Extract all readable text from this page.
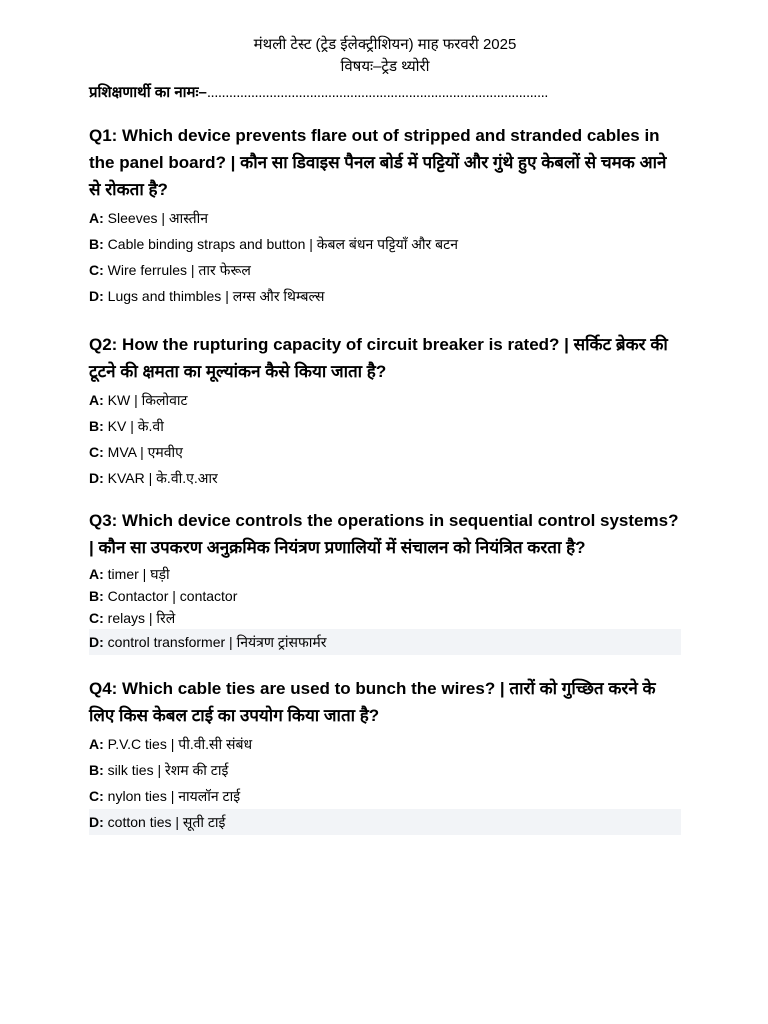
मंथली टेस्ट (ट्रेड ईलेक्ट्रीशियन) माह फरवरी 2025
विषयः–ट्रेड थ्योरी
प्रशिक्षणार्थी का नामः–.............................................................................................
Q1: Which device prevents flare out of stripped and stranded cables in the panel board? | कौन सा डिवाइस पैनल बोर्ड में पट्टियों और गुंथे हुए केबलों से चमक आने से रोकता है?
A: Sleeves | आस्तीन
B: Cable binding straps and button | केबल बंधन पट्टियाँ और बटन
C: Wire ferrules | तार फेरूल
D: Lugs and thimbles | लग्स और थिम्बल्स
Q2: How the rupturing capacity of circuit breaker is rated? | सर्किट ब्रेकर की टूटने की क्षमता का मूल्यांकन कैसे किया जाता है?
A: KW | किलोवाट
B: KV | के.वी
C: MVA | एमवीए
D: KVAR | के.वी.ए.आर
Q3: Which device controls the operations in sequential control systems? | कौन सा उपकरण अनुक्रमिक नियंत्रण प्रणालियों में संचालन को नियंत्रित करता है?
A: timer | घड़ी
B: Contactor | contactor
C: relays | रिले
D: control transformer | नियंत्रण ट्रांसफार्मर
Q4: Which cable ties are used to bunch the wires? | तारों को गुच्छित करने के लिए किस केबल टाई का उपयोग किया जाता है?
A: P.V.C ties | पी.वी.सी संबंध
B: silk ties | रेशम की टाई
C: nylon ties | नायलॉन टाई
D: cotton ties | सूती टाई
